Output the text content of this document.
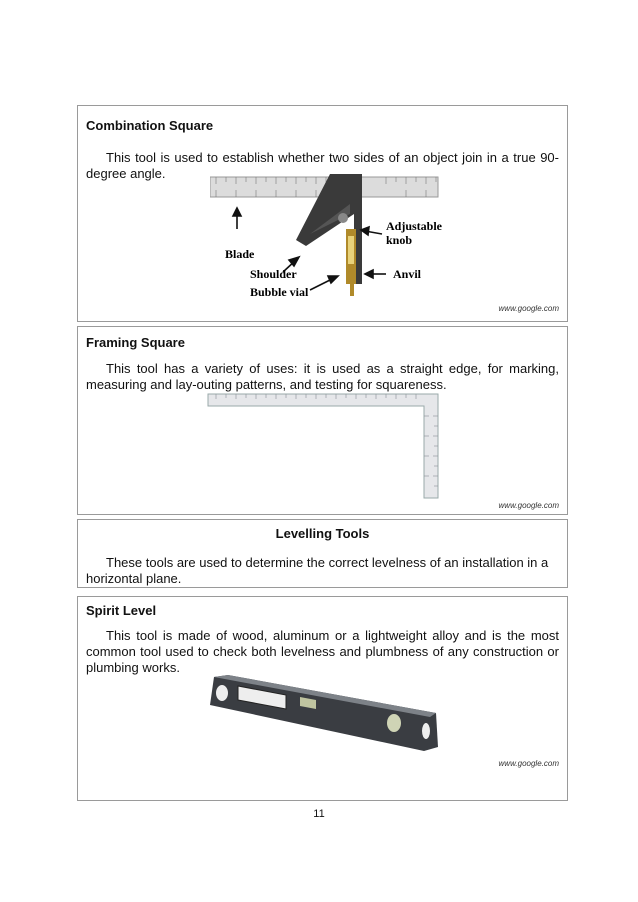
Combination Square
This tool is used to establish whether two sides of an object join in a true 90-degree angle.
Adjustable
knob
Blade
Shoulder	Anvil
Bubble vial
www.google.com
Framing Square
This tool has a variety of uses: it is used as a straight edge, for marking, measuring and lay-outing patterns, and testing for squareness.
www.google.com
Levelling Tools
These tools are used to determine the correct levelness of an installation in a horizontal plane.
Spirit Level
This tool is made of wood, aluminum or a lightweight alloy and is the most common tool used to check both levelness and plumbness of any construction or plumbing works.
www.google.com
11
